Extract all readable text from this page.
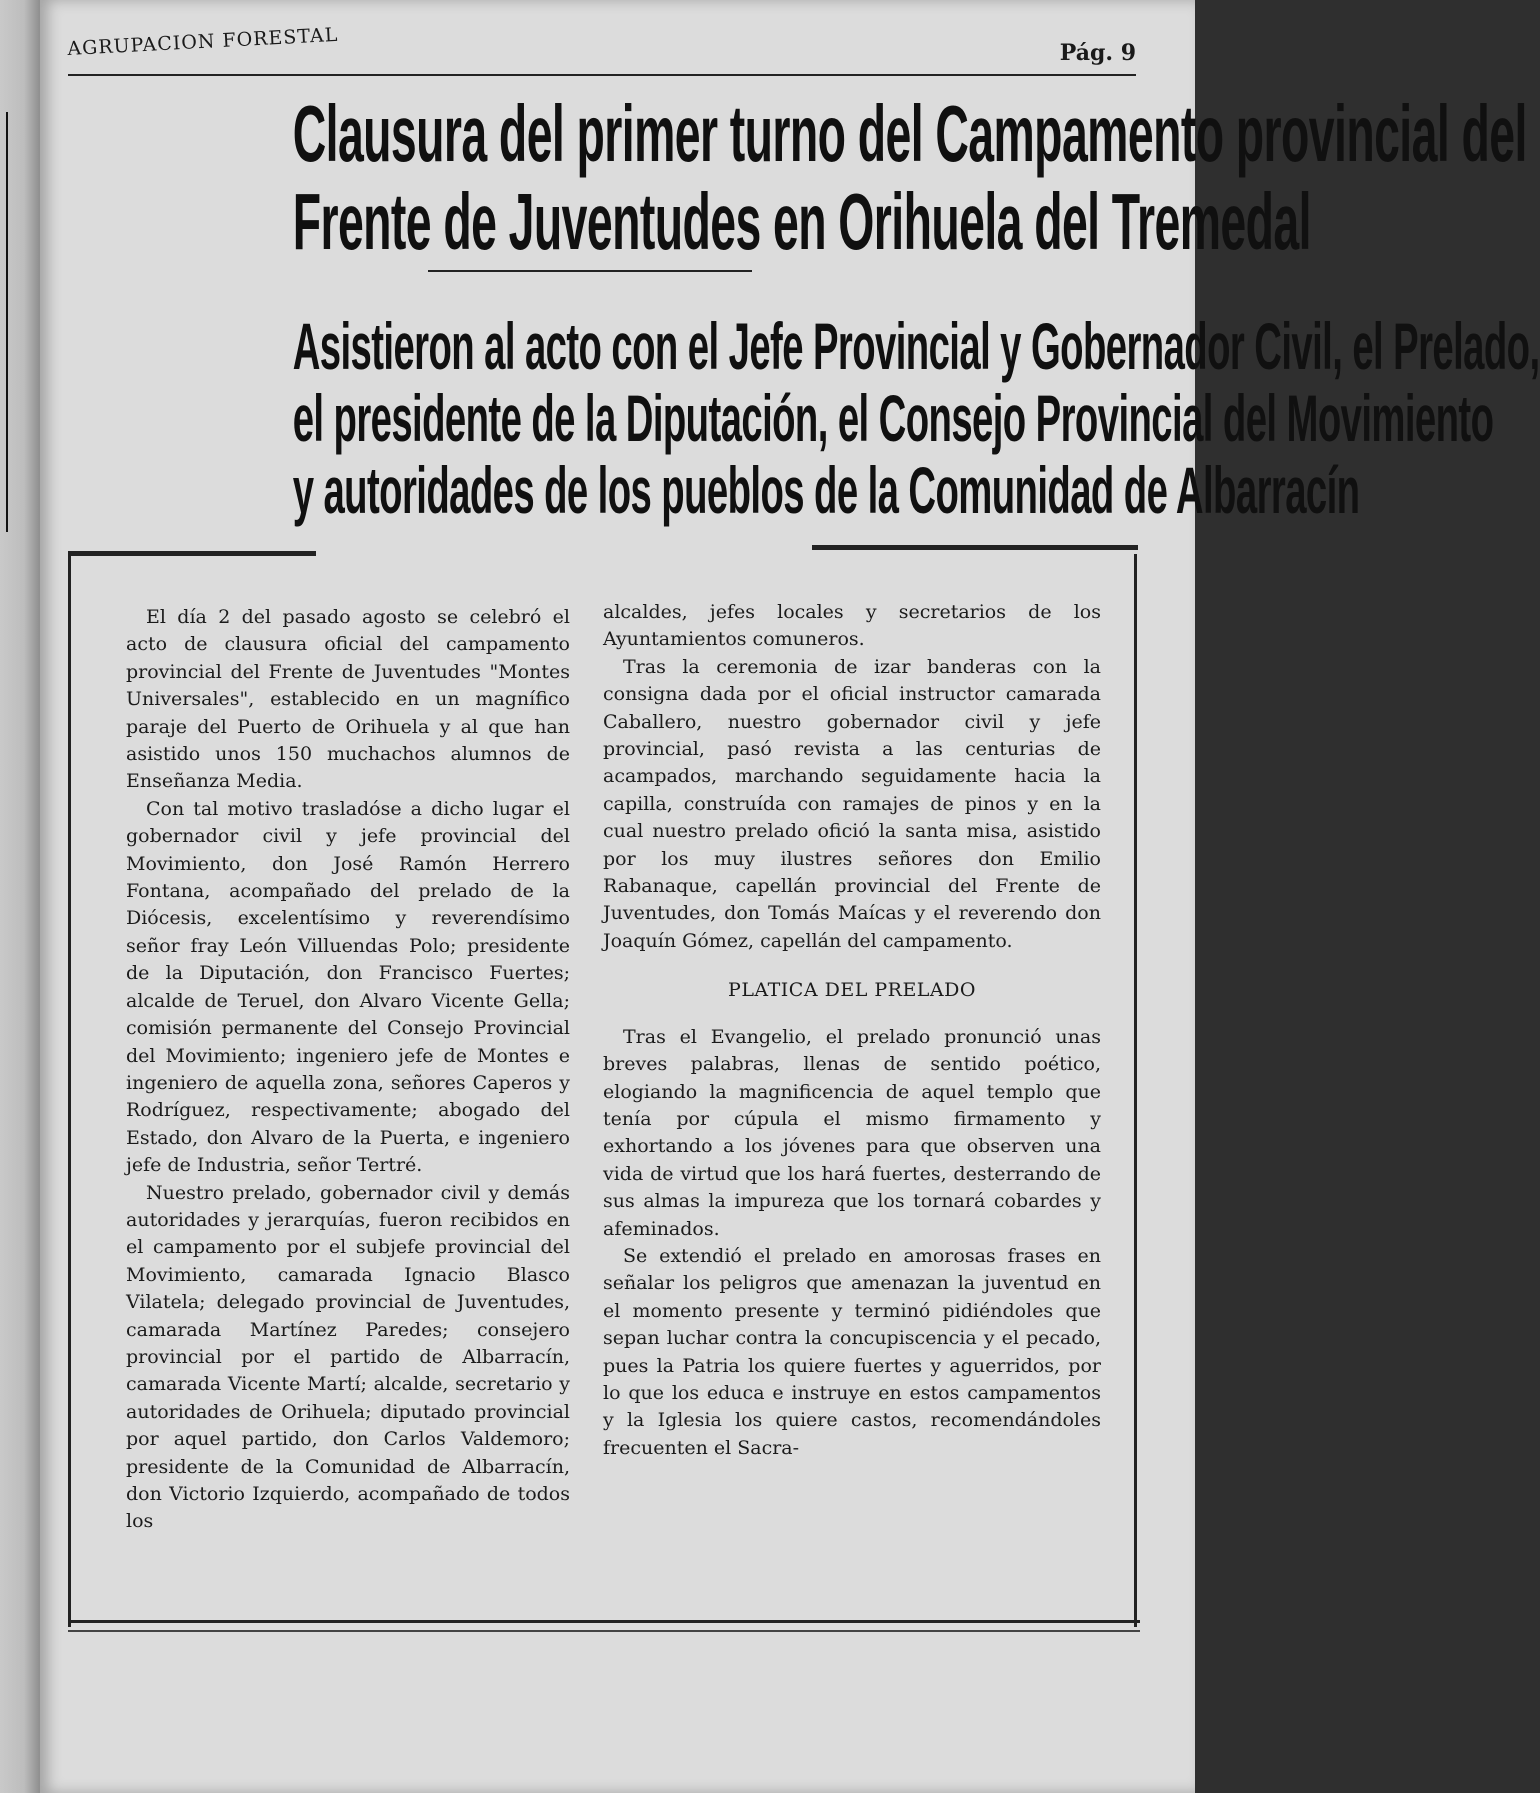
AGRUPACION FORESTAL	Pág. 9
Clausura del primer turno del Campamento provincial del
Frente de Juventudes en Orihuela del Tremedal
Asistieron al acto con el Jefe Provincial y Gobernador Civil, el Prelado,
el presidente de la Diputación, el Consejo Provincial del Movimiento
y autoridades de los pueblos de la Comunidad de Albarracín

El día 2 del pasado agosto se celebró el acto de clausura oficial del campamento provincial del Frente de Juventudes "Montes Universales", establecido en un magnífico paraje del Puerto de Orihuela y al que han asistido unos 150 muchachos alumnos de Enseñanza Media.

Con tal motivo trasladóse a dicho lugar el gobernador civil y jefe provincial del Movimiento, don José Ramón Herrero Fontana, acompañado del prelado de la Diócesis, excelentísimo y reverendísimo señor fray León Villuendas Polo; presidente de la Diputación, don Francisco Fuertes; alcalde de Teruel, don Alvaro Vicente Gella; comisión permanente del Consejo Provincial del Movimiento; ingeniero jefe de Montes e ingeniero de aquella zona, señores Caperos y Rodríguez, respectivamente; abogado del Estado, don Alvaro de la Puerta, e ingeniero jefe de Industria, señor Tertré.

Nuestro prelado, gobernador civil y demás autoridades y jerarquías, fueron recibidos en el campamento por el subjefe provincial del Movimiento, camarada Ignacio Blasco Vilatela; delegado provincial de Juventudes, camarada Martínez Paredes; consejero provincial por el partido de Albarracín, camarada Vicente Martí; alcalde, secretario y autoridades de Orihuela; diputado provincial por aquel partido, don Carlos Valdemoro; presidente de la Comunidad de Albarracín, don Victorio Izquierdo, acompañado de todos los

alcaldes, jefes locales y secretarios de los Ayuntamientos comuneros.

Tras la ceremonia de izar banderas con la consigna dada por el oficial instructor camarada Caballero, nuestro gobernador civil y jefe provincial, pasó revista a las centurias de acampados, marchando seguidamente hacia la capilla, construída con ramajes de pinos y en la cual nuestro prelado ofició la santa misa, asistido por los muy ilustres señores don Emilio Rabanaque, capellán provincial del Frente de Juventudes, don Tomás Maícas y el reverendo don Joaquín Gómez, capellán del campamento.

PLATICA DEL PRELADO

Tras el Evangelio, el prelado pronunció unas breves palabras, llenas de sentido poético, elogiando la magnificencia de aquel templo que tenía por cúpula el mismo firmamento y exhortando a los jóvenes para que observen una vida de virtud que los hará fuertes, desterrando de sus almas la impureza que los tornará cobardes y afeminados.

Se extendió el prelado en amorosas frases en señalar los peligros que amenazan la juventud en el momento presente y terminó pidiéndoles que sepan luchar contra la concupiscencia y el pecado, pues la Patria los quiere fuertes y aguerridos, por lo que los educa e instruye en estos campamentos y la Iglesia los quiere castos, recomendándoles frecuenten el Sacra-
